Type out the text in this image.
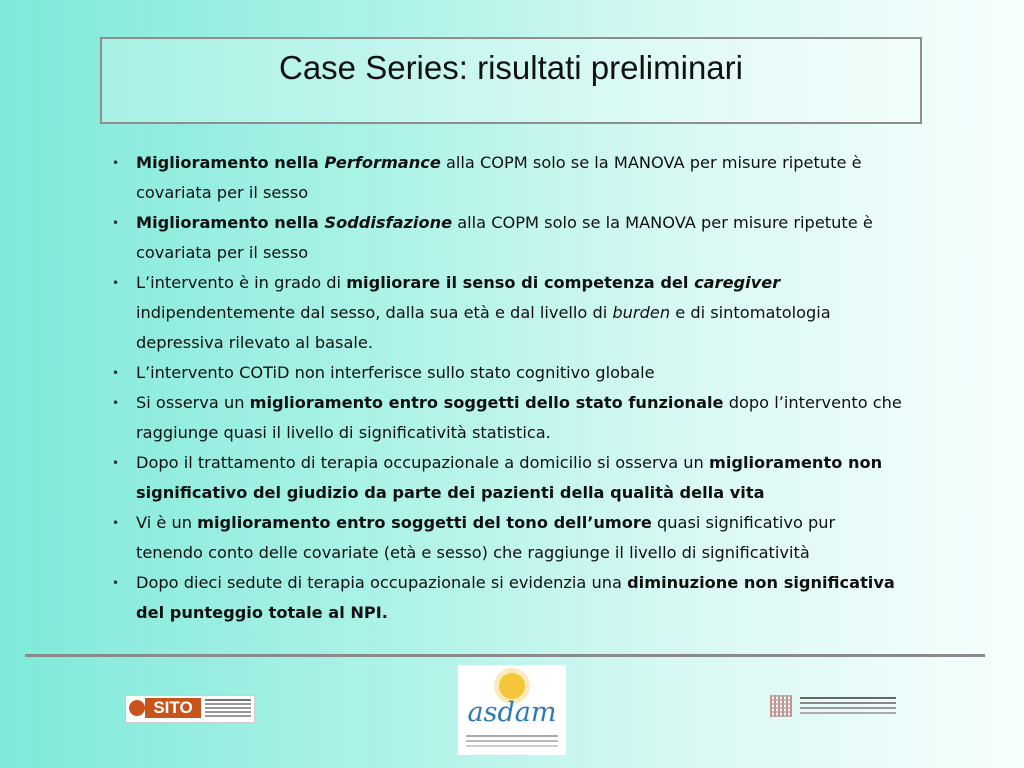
Case Series: risultati preliminari
• Miglioramento nella Performance alla COPM solo se la MANOVA per misure ripetute è covariata per il sesso
• Miglioramento nella Soddisfazione alla COPM solo se la MANOVA per misure ripetute è covariata per il sesso
• L’intervento è in grado di migliorare il senso di competenza del caregiver indipendentemente dal sesso, dalla sua età e dal livello di burden e di sintomatologia depressiva rilevato al basale.
• L’intervento COTiD non interferisce sullo stato cognitivo globale
• Si osserva un miglioramento entro soggetti dello stato funzionale dopo l’intervento che raggiunge quasi il livello di significatività statistica.
• Dopo il trattamento di terapia occupazionale a domicilio si osserva un miglioramento non significativo del giudizio da parte dei pazienti della qualità della vita
• Vi è un miglioramento entro soggetti del tono dell’umore quasi significativo pur tenendo conto delle covariate (età e sesso) che raggiunge il livello di significatività
• Dopo dieci sedute di terapia occupazionale si evidenzia una diminuzione non significativa del punteggio totale al NPI.
SITO	asdam
